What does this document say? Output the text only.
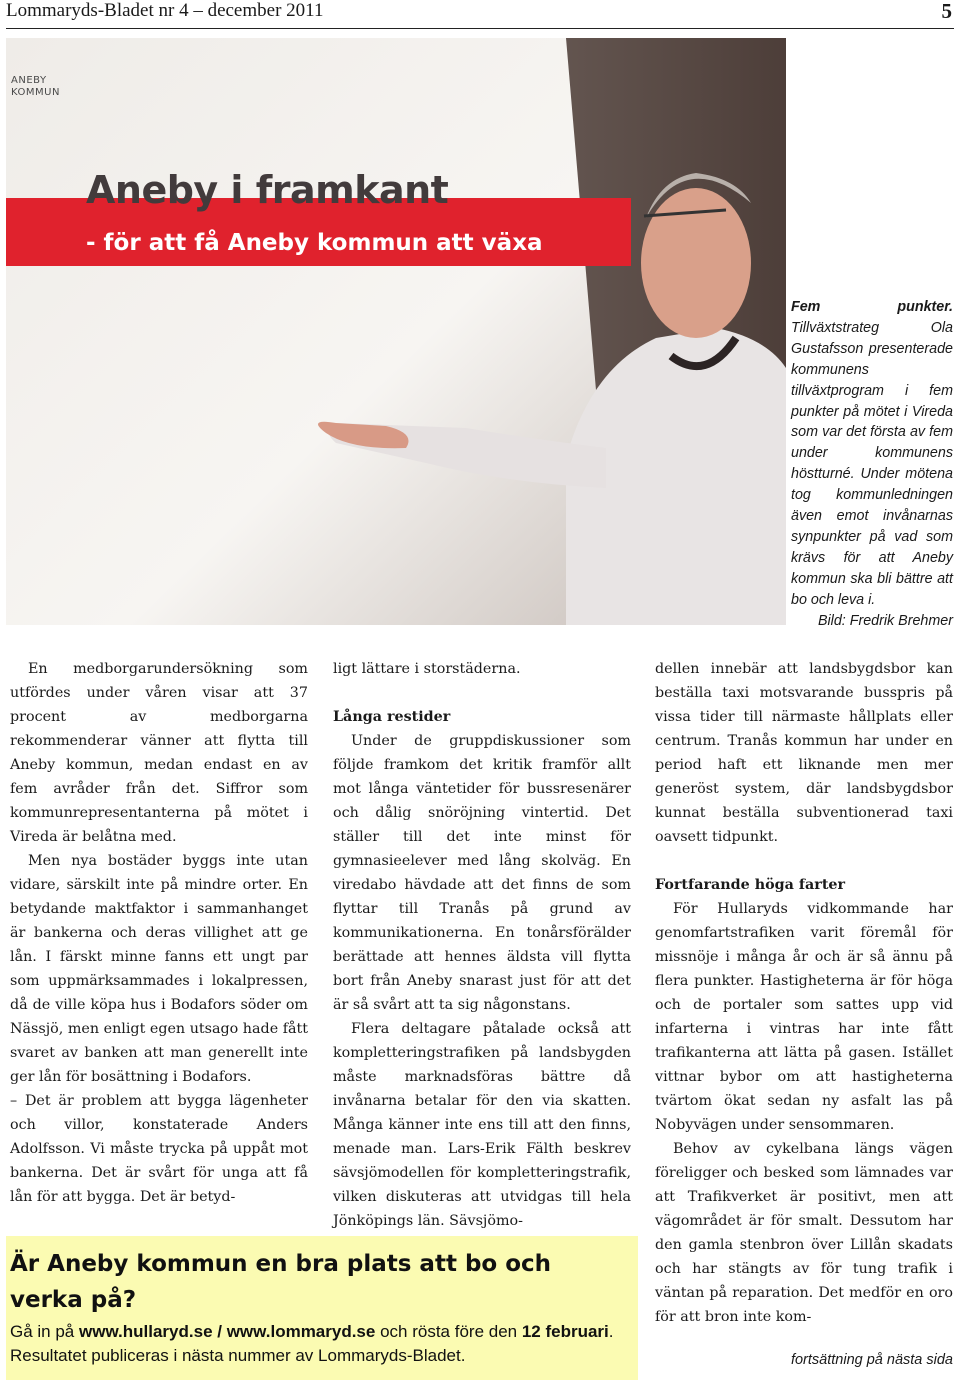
Lommaryds-Bladet nr 4 – december 2011	5
ANEBY
KOMMUN
Aneby i framkant
- för att få Aneby kommun att växa
Fem punkter. Tillväxtstrateg Ola Gustafsson presenterade kommunens tillväxtprogram i fem punkter på mötet i Vireda som var det första av fem under kommunens höstturné. Under mötena tog kommunledningen även emot invånarnas synpunkter på vad som krävs för att Aneby kommun ska bli bättre att bo och leva i.
Bild: Fredrik Brehmer

En medborgarundersökning som utfördes under våren visar att 37 procent av medborgarna rekommenderar vänner att flytta till Aneby kommun, medan endast en av fem avråder från det. Siffror som kommunrepresentanterna på mötet i Vireda är belåtna med.

Men nya bostäder byggs inte utan vidare, särskilt inte på mindre orter. En betydande maktfaktor i sammanhanget är bankerna och deras villighet att ge lån. I färskt minne fanns ett ungt par som uppmärksammades i lokalpressen, då de ville köpa hus i Bodafors söder om Nässjö, men enligt egen utsago hade fått svaret av banken att man generellt inte ger lån för bosättning i Bodafors.

– Det är problem att bygga lägenheter och villor, konstaterade Anders Adolfsson. Vi måste trycka på uppåt mot bankerna. Det är svårt för unga att få lån för att bygga. Det är betyd-

ligt lättare i storstäderna.

Långa restider

Under de gruppdiskussioner som följde framkom det kritik framför allt mot långa väntetider för bussresenärer och dålig snöröjning vintertid. Det ställer till det inte minst för gymnasieelever med lång skolväg. En viredabo hävdade att det finns de som flyttar till Tranås på grund av kommunikationerna. En tonårsförälder berättade att hennes äldsta vill flytta bort från Aneby snarast just för att det är så svårt att ta sig någonstans.

Flera deltagare påtalade också att kompletteringstrafiken på landsbygden måste marknadsföras bättre då invånarna betalar för den via skatten. Många känner inte ens till att den finns, menade man. Lars-Erik Fälth beskrev sävsjömodellen för kompletteringstrafik, vilken diskuteras att utvidgas till hela Jönköpings län. Sävsjömo-

dellen innebär att landsbygdsbor kan beställa taxi motsvarande busspris på vissa tider till närmaste hållplats eller centrum. Tranås kommun har under en period haft ett liknande men mer generöst system, där landsbygdsbor kunnat beställa subventionerad taxi oavsett tidpunkt.

Fortfarande höga farter

För Hullaryds vidkommande har genomfartstrafiken varit föremål för missnöje i många år och är så ännu på flera punkter. Hastigheterna är för höga och de portaler som sattes upp vid infarterna i vintras har inte fått trafikanterna att lätta på gasen. Istället vittnar bybor om att hastigheterna tvärtom ökat sedan ny asfalt las på Nobyvägen under sensommaren.

Behov av cykelbana längs vägen föreligger och besked som lämnades var att Trafikverket är positivt, men att vägområdet är för smalt. Dessutom har den gamla stenbron över Lillån skadats och har stängts av för tung trafik i väntan på reparation. Det medför en oro för att bron inte kom-

Är Aneby kommun en bra plats att bo och verka på?
Gå in på www.hullaryd.se / www.lommaryd.se och rösta före den 12 februari. Resultatet publiceras i nästa nummer av Lommaryds-Bladet.	fortsättning på nästa sida
